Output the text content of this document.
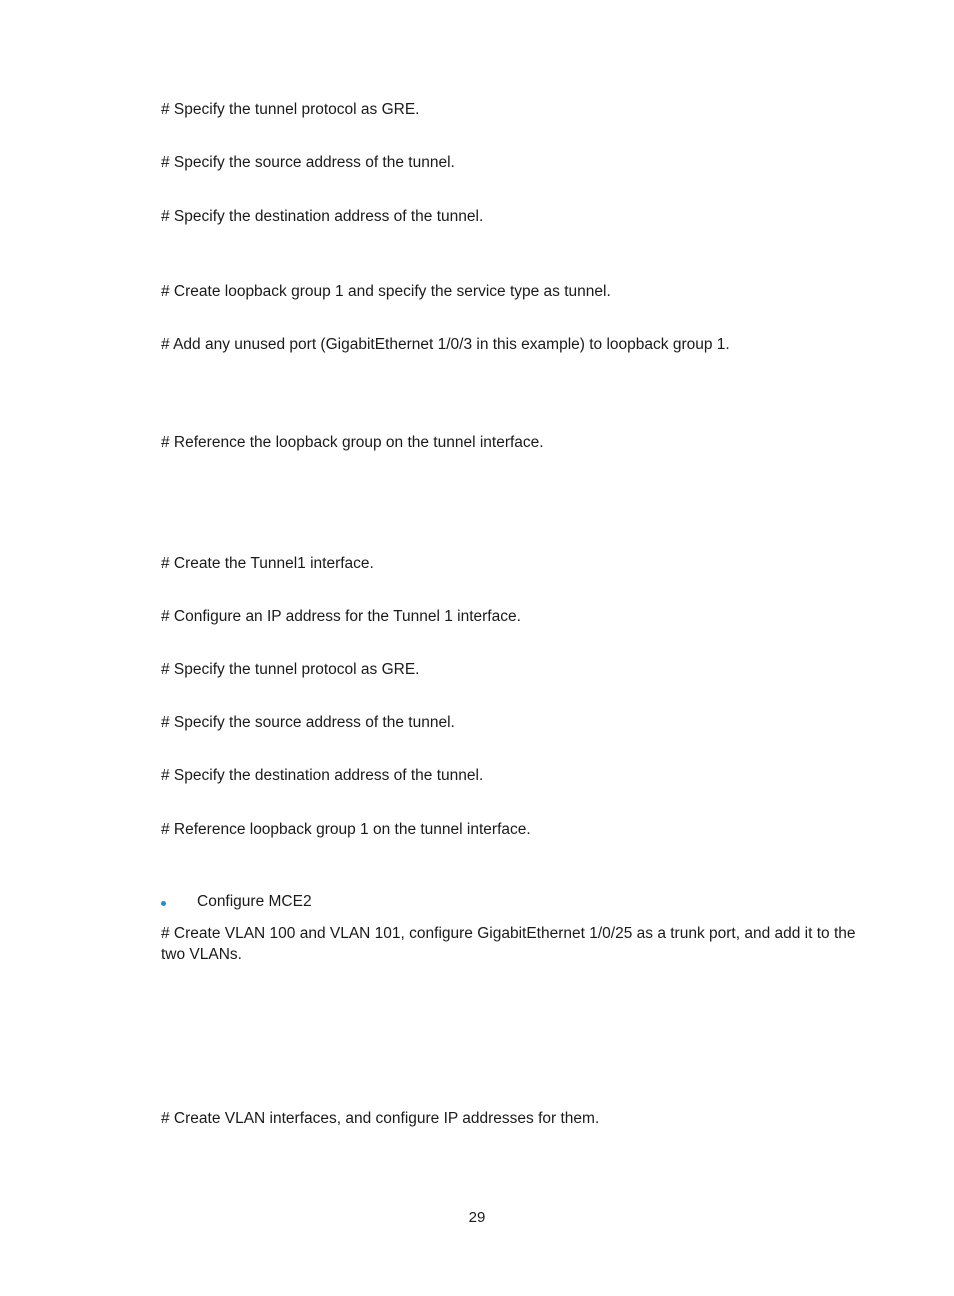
# Specify the tunnel protocol as GRE.
# Specify the source address of the tunnel.
# Specify the destination address of the tunnel.
# Create loopback group 1 and specify the service type as tunnel.
# Add any unused port (GigabitEthernet 1/0/3 in this example) to loopback group 1.
# Reference the loopback group on the tunnel interface.
# Create the Tunnel1 interface.
# Configure an IP address for the Tunnel 1 interface.
# Specify the tunnel protocol as GRE.
# Specify the source address of the tunnel.
# Specify the destination address of the tunnel.
# Reference loopback group 1 on the tunnel interface.
Configure MCE2
# Create VLAN 100 and VLAN 101, configure GigabitEthernet 1/0/25 as a trunk port, and add it to the two VLANs.
# Create VLAN interfaces, and configure IP addresses for them.
29
